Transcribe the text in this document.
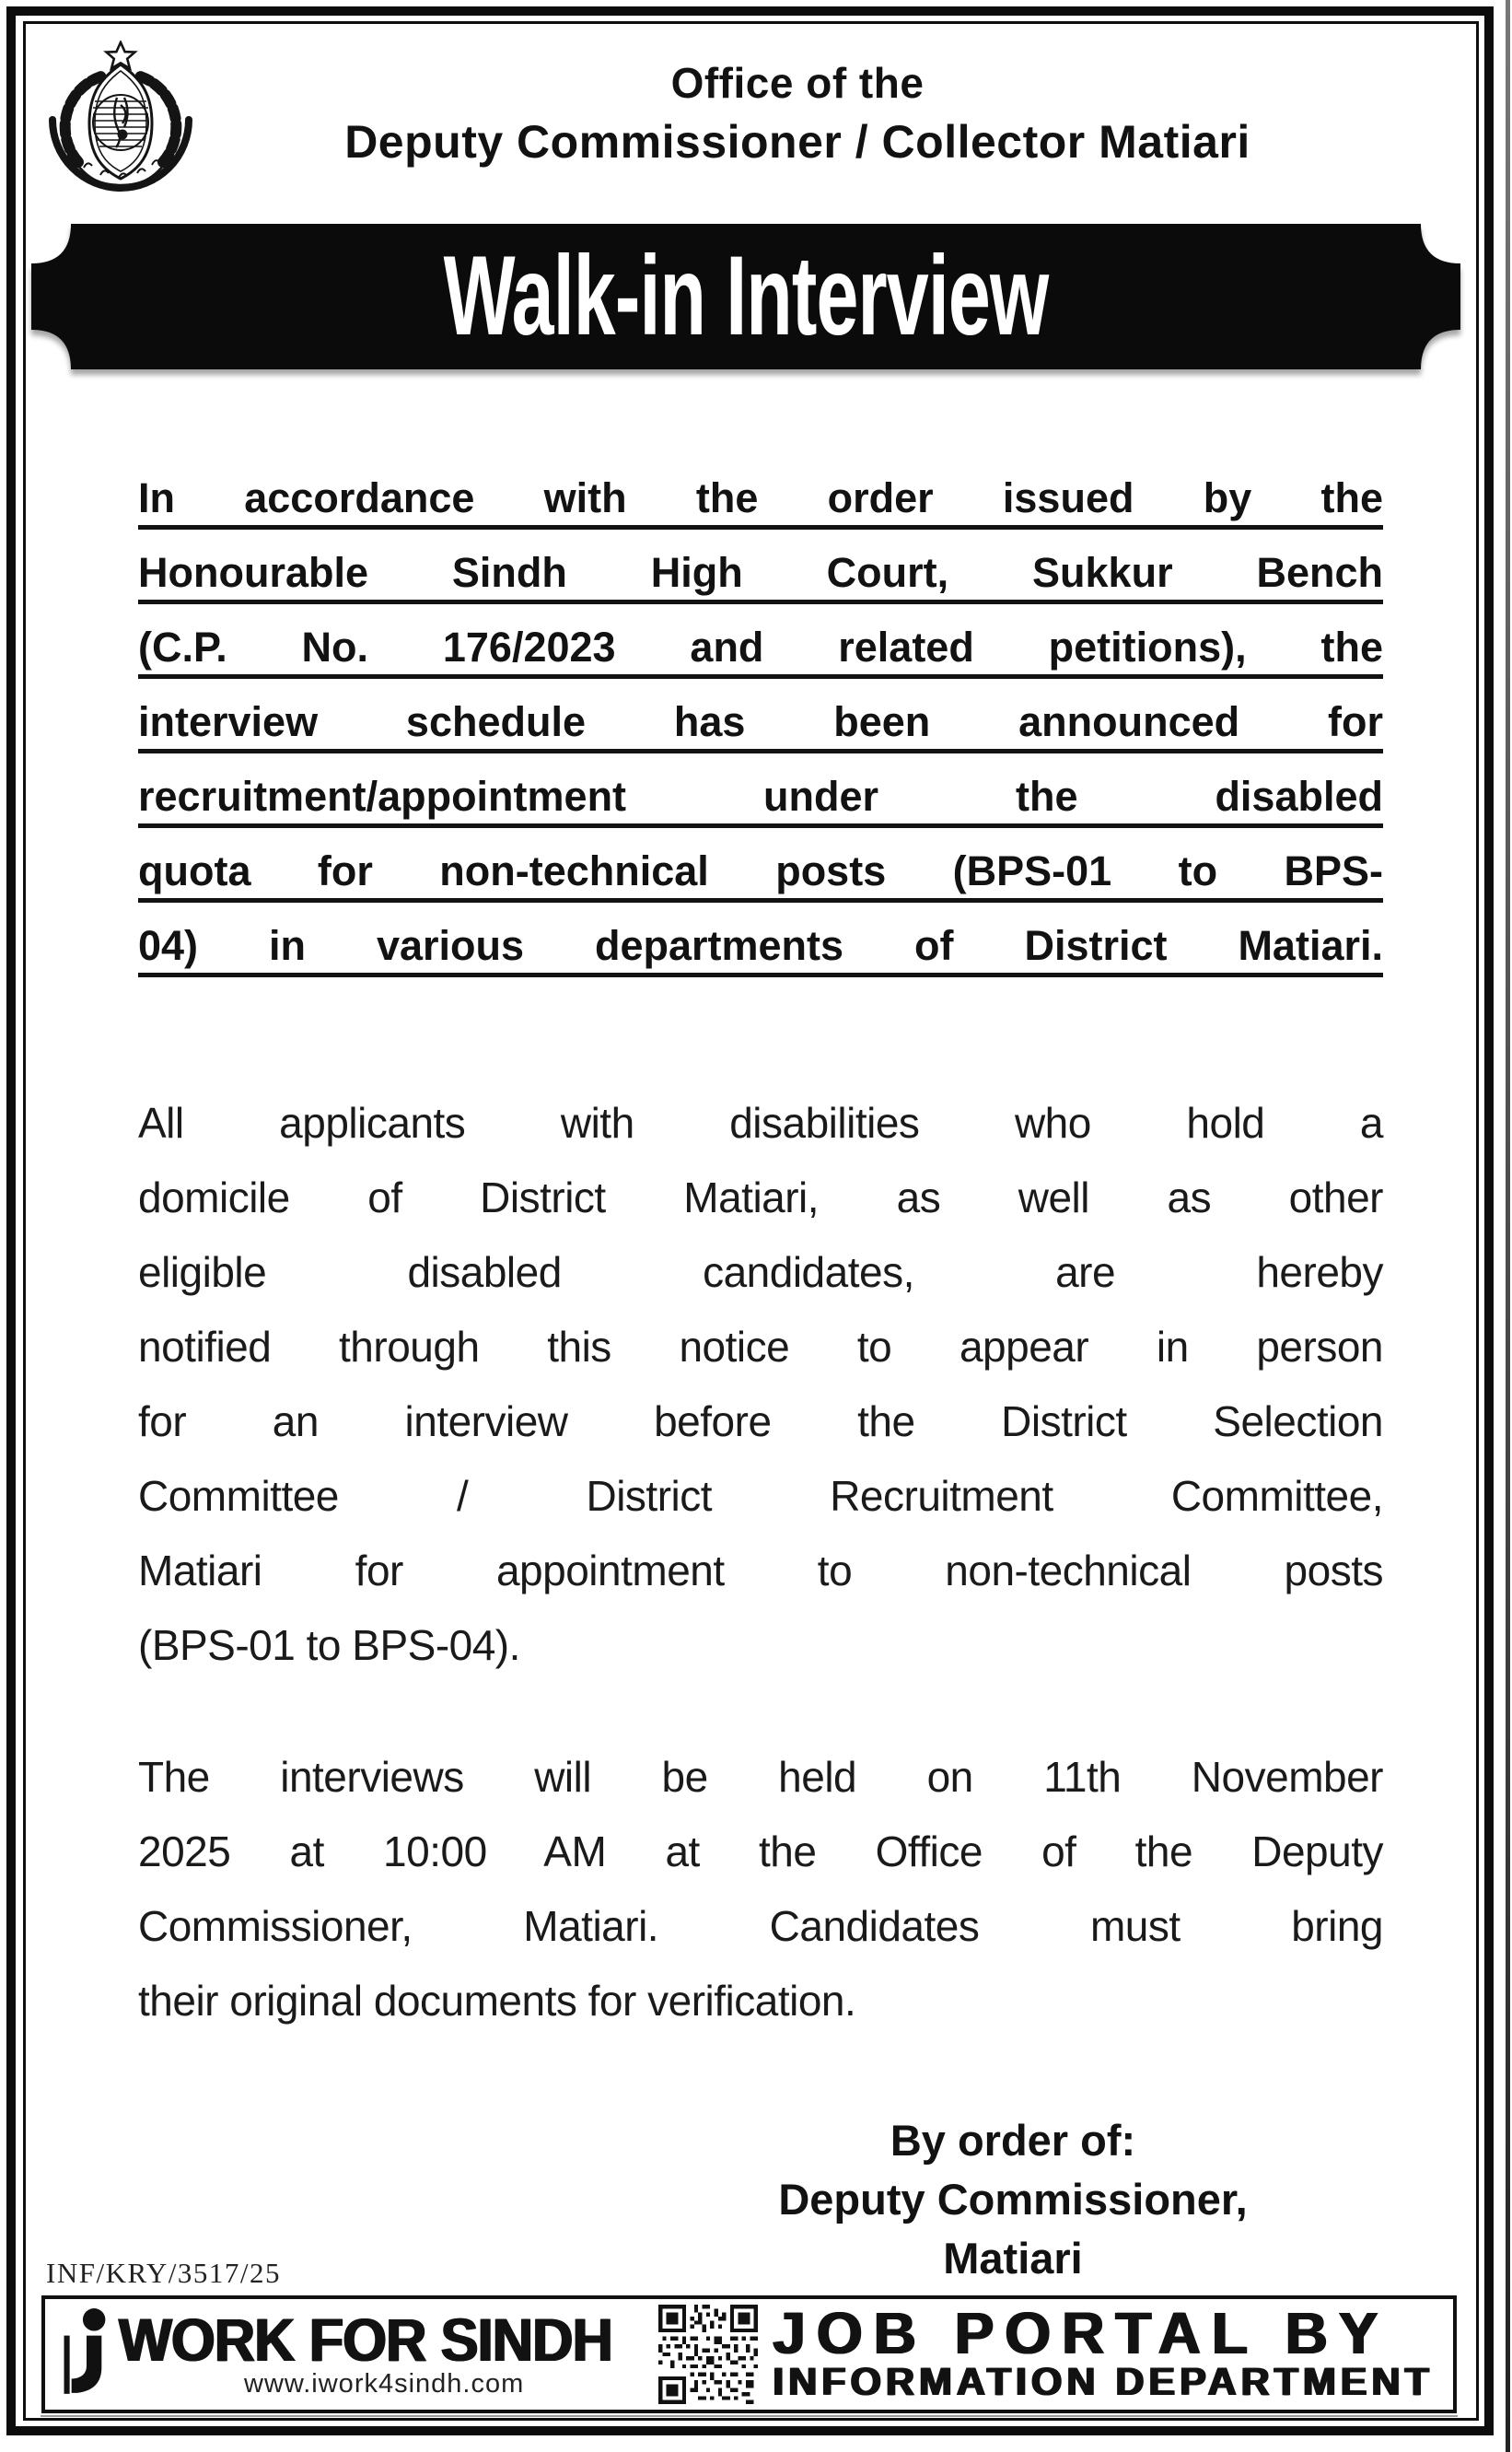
Office of the
Deputy Commissioner / Collector Matiari
Walk-in Interview
In accordance with the order issued by the
Honourable Sindh High Court, Sukkur Bench
(C.P. No. 176/2023 and related petitions), the
interview schedule has been announced for
recruitment/appointment under the disabled
quota for non-technical posts (BPS-01 to BPS-
04) in various departments of District Matiari.
All applicants with disabilities who hold a
domicile of District Matiari, as well as other
eligible disabled candidates, are hereby
notified through this notice to appear in person
for an interview before the District Selection
Committee / District Recruitment Committee,
Matiari for appointment to non-technical posts
(BPS-01 to BPS-04).
The interviews will be held on 11th November
2025 at 10:00 AM at the Office of the Deputy
Commissioner, Matiari. Candidates must bring
their original documents for verification.
By order of:
Deputy Commissioner,
Matiari
INF/KRY/3517/25
WORK FOR SINDH
www.iwork4sindh.com
JOB PORTAL BY
INFORMATION DEPARTMENT
